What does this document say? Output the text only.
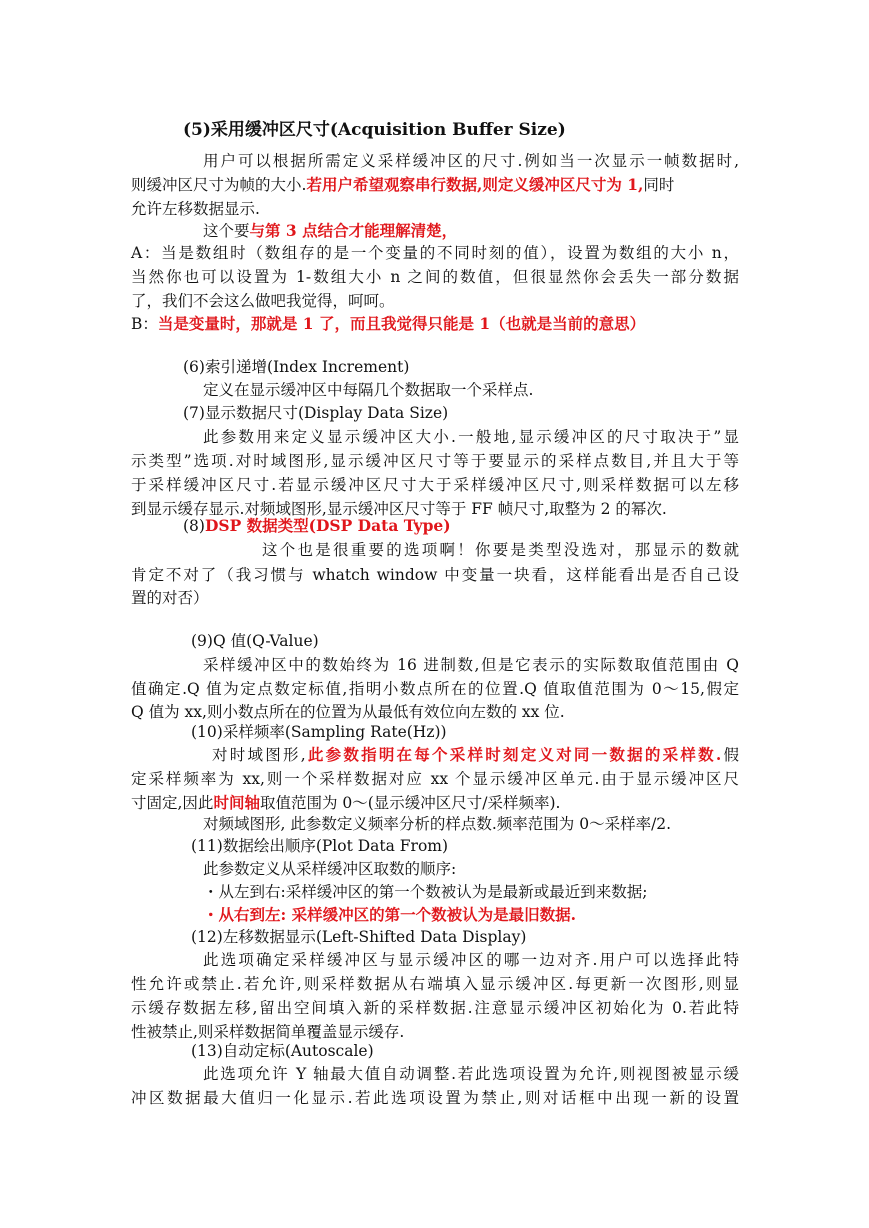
(5)采用缓冲区尺寸(Acquisition Buffer Size)
用户可以根据所需定义采样缓冲区的尺寸.例如当一次显示一帧数据时,
则缓冲区尺寸为帧的大小.若用户希望观察串行数据,则定义缓冲区尺寸为 1,同时
允许左移数据显示.
这个要与第 3 点结合才能理解清楚，
A：当是数组时（数组存的是一个变量的不同时刻的值），设置为数组的大小 n，
当然你也可以设置为 1-数组大小 n 之间的数值，但很显然你会丢失一部分数据
了，我们不会这么做吧我觉得，呵呵。
B：当是变量时，那就是 1 了，而且我觉得只能是 1（也就是当前的意思）
(6)索引递增(Index Increment)
定义在显示缓冲区中每隔几个数据取一个采样点.
(7)显示数据尺寸(Display Data Size)
此参数用来定义显示缓冲区大小.一般地,显示缓冲区的尺寸取决于”显
示类型”选项.对时域图形,显示缓冲区尺寸等于要显示的采样点数目,并且大于等
于采样缓冲区尺寸.若显示缓冲区尺寸大于采样缓冲区尺寸,则采样数据可以左移
到显示缓存显示.对频域图形,显示缓冲区尺寸等于 FF 帧尺寸,取整为 2 的幂次.
(8)DSP 数据类型(DSP Data Type)
这个也是很重要的选项啊！你要是类型没选对，那显示的数就
肯定不对了（我习惯与 whatch window 中变量一块看，这样能看出是否自己设
置的对否）
(9)Q 值(Q-Value)
采样缓冲区中的数始终为 16 进制数,但是它表示的实际数取值范围由 Q
值确定.Q 值为定点数定标值,指明小数点所在的位置.Q 值取值范围为 0～15,假定
Q 值为 xx,则小数点所在的位置为从最低有效位向左数的 xx 位.
(10)采样频率(Sampling Rate(Hz))
对时域图形,此参数指明在每个采样时刻定义对同一数据的采样数.假
定采样频率为 xx,则一个采样数据对应 xx 个显示缓冲区单元.由于显示缓冲区尺
寸固定,因此时间轴取值范围为 0～(显示缓冲区尺寸/采样频率).
对频域图形, 此参数定义频率分析的样点数.频率范围为 0～采样率/2.
(11)数据绘出顺序(Plot Data From)
此参数定义从采样缓冲区取数的顺序:
・从左到右:采样缓冲区的第一个数被认为是最新或最近到来数据;
・从右到左: 采样缓冲区的第一个数被认为是最旧数据.
(12)左移数据显示(Left-Shifted Data Display)
此选项确定采样缓冲区与显示缓冲区的哪一边对齐.用户可以选择此特
性允许或禁止.若允许,则采样数据从右端填入显示缓冲区.每更新一次图形,则显
示缓存数据左移,留出空间填入新的采样数据.注意显示缓冲区初始化为 0.若此特
性被禁止,则采样数据简单覆盖显示缓存.
(13)自动定标(Autoscale)
此选项允许 Y 轴最大值自动调整.若此选项设置为允许,则视图被显示缓
冲区数据最大值归一化显示.若此选项设置为禁止,则对话框中出现一新的设置
